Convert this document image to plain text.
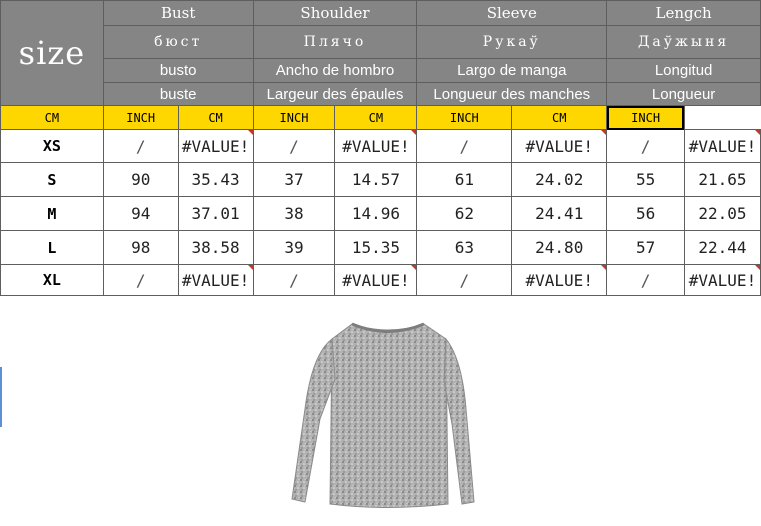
size	Bust		Shoulder		Sleeve		Lengch	
	бюст		Плячо		Рукаў		Даўжыня	
	busto		Ancho de hombro		Largo de manga		Longitud	
	buste		Largeur des épaules		Longueur des manches		Longueur	
CM	INCH	CM	INCH	CM	INCH	CM	INCH	
XS	/	#VALUE!	/	#VALUE!	/	#VALUE!	/	#VALUE!

S	90	35.43	37	14.57	61	24.02	55	21.65
M	94	37.01	38	14.96	62	24.41	56	22.05
L	98	38.58	39	15.35	63	24.80	57	22.44
XL	/	#VALUE!	/	#VALUE!	/	#VALUE!	/	#VALUE!
